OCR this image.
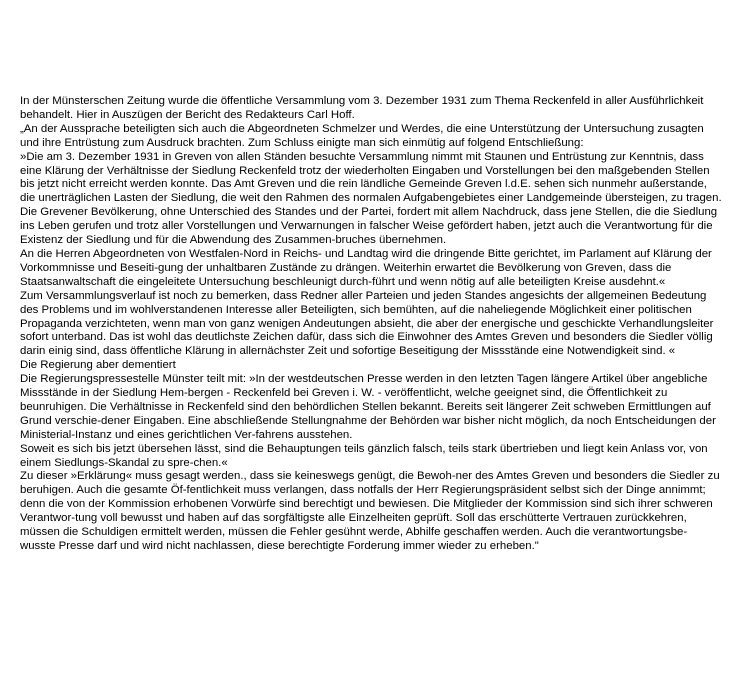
In der Münsterschen Zeitung wurde die öffentliche Versammlung vom 3. Dezember 1931 zum Thema Reckenfeld in aller Ausführlichkeit behandelt. Hier in Auszügen der Bericht des Redakteurs Carl Hoff.

„An der Aussprache beteiligten sich auch die Abgeordneten Schmelzer und Werdes, die eine Unterstützung der Untersuchung zusagten und ihre Entrüstung zum Ausdruck brachten. Zum Schluss einigte man sich einmütig auf folgend Entschließung:

»Die am 3. Dezember 1931 in Greven von allen Ständen besuchte Versammlung nimmt mit Staunen und Entrüstung zur Kenntnis, dass eine Klärung der Verhältnisse der Siedlung Reckenfeld trotz der wiederholten Eingaben und Vorstellungen bei den maßgebenden Stellen bis jetzt nicht erreicht werden konnte. Das Amt Greven und die rein ländliche Gemeinde Greven l.d.E. sehen sich nunmehr außerstande, die unerträglichen Lasten der Siedlung, die weit den Rahmen des normalen Aufgabengebietes einer Landgemeinde übersteigen, zu tragen.

Die Grevener Bevölkerung, ohne Unterschied des Standes und der Partei, fordert mit allem Nachdruck, dass jene Stellen, die die Siedlung ins Leben gerufen und trotz aller Vorstellungen und Verwarnungen in falscher Weise gefördert haben, jetzt auch die Verantwortung für die Existenz der Siedlung und für die Abwendung des Zusammen-bruches übernehmen.

An die Herren Abgeordneten von Westfalen-Nord in Reichs- und Landtag wird die dringende Bitte gerichtet, im Parlament auf Klärung der Vorkommnisse und Beseiti-gung der unhaltbaren Zustände zu drängen. Weiterhin erwartet die Bevölkerung von Greven, dass die Staatsanwaltschaft die eingeleitete Untersuchung beschleunigt durch-führt und wenn nötig auf alle beteiligten Kreise ausdehnt.«

Zum Versammlungsverlauf ist noch zu bemerken, dass Redner aller Parteien und jeden Standes angesichts der allgemeinen Bedeutung des Problems und im wohlverstandenen Interesse aller Beteiligten, sich bemühten, auf die naheliegende Möglichkeit einer politischen Propaganda verzichteten, wenn man von ganz wenigen Andeutungen absieht, die aber der energische und geschickte Verhandlungsleiter sofort unterband. Das ist wohl das deutlichste Zeichen dafür, dass sich die Einwohner des Amtes Greven und besonders die Siedler völlig darin einig sind, dass öffentliche Klärung in allernächster Zeit und sofortige Beseitigung der Missstände eine Notwendigkeit sind. «

Die Regierung aber dementiert

Die Regierungspressestelle Münster teilt mit: »In der westdeutschen Presse werden in den letzten Tagen längere Artikel über angebliche Missstände in der Siedlung Hem-bergen - Reckenfeld bei Greven i. W. - veröffentlicht, welche geeignet sind, die Öffentlichkeit zu beunruhigen. Die Verhältnisse in Reckenfeld sind den behördlichen Stellen bekannt. Bereits seit längerer Zeit schweben Ermittlungen auf Grund verschie-dener Eingaben. Eine abschließende Stellungnahme der Behörden war bisher nicht möglich, da noch Entscheidungen der Ministerial-Instanz und eines gerichtlichen Ver-fahrens ausstehen.

Soweit es sich bis jetzt übersehen lässt, sind die Behauptungen teils gänzlich falsch, teils stark übertrieben und liegt kein Anlass vor, von einem Siedlungs-Skandal zu spre-chen.«

Zu dieser »Erklärung« muss gesagt werden., dass sie keineswegs genügt, die Bewoh-ner des Amtes Greven und besonders die Siedler zu beruhigen. Auch die gesamte Öf-fentlichkeit muss verlangen, dass notfalls der Herr Regierungspräsident selbst sich der Dinge annimmt; denn die von der Kommission erhobenen Vorwürfe sind berechtigt und bewiesen. Die Mitglieder der Kommission sind sich ihrer schweren Verantwor-tung voll bewusst und haben auf das sorgfältigste alle Einzelheiten geprüft. Soll das erschütterte Vertrauen zurückkehren, müssen die Schuldigen ermittelt werden, müssen die Fehler gesühnt werde, Abhilfe geschaffen werden. Auch die verantwortungsbe-wusste Presse darf und wird nicht nachlassen, diese berechtigte Forderung immer wieder zu erheben."
